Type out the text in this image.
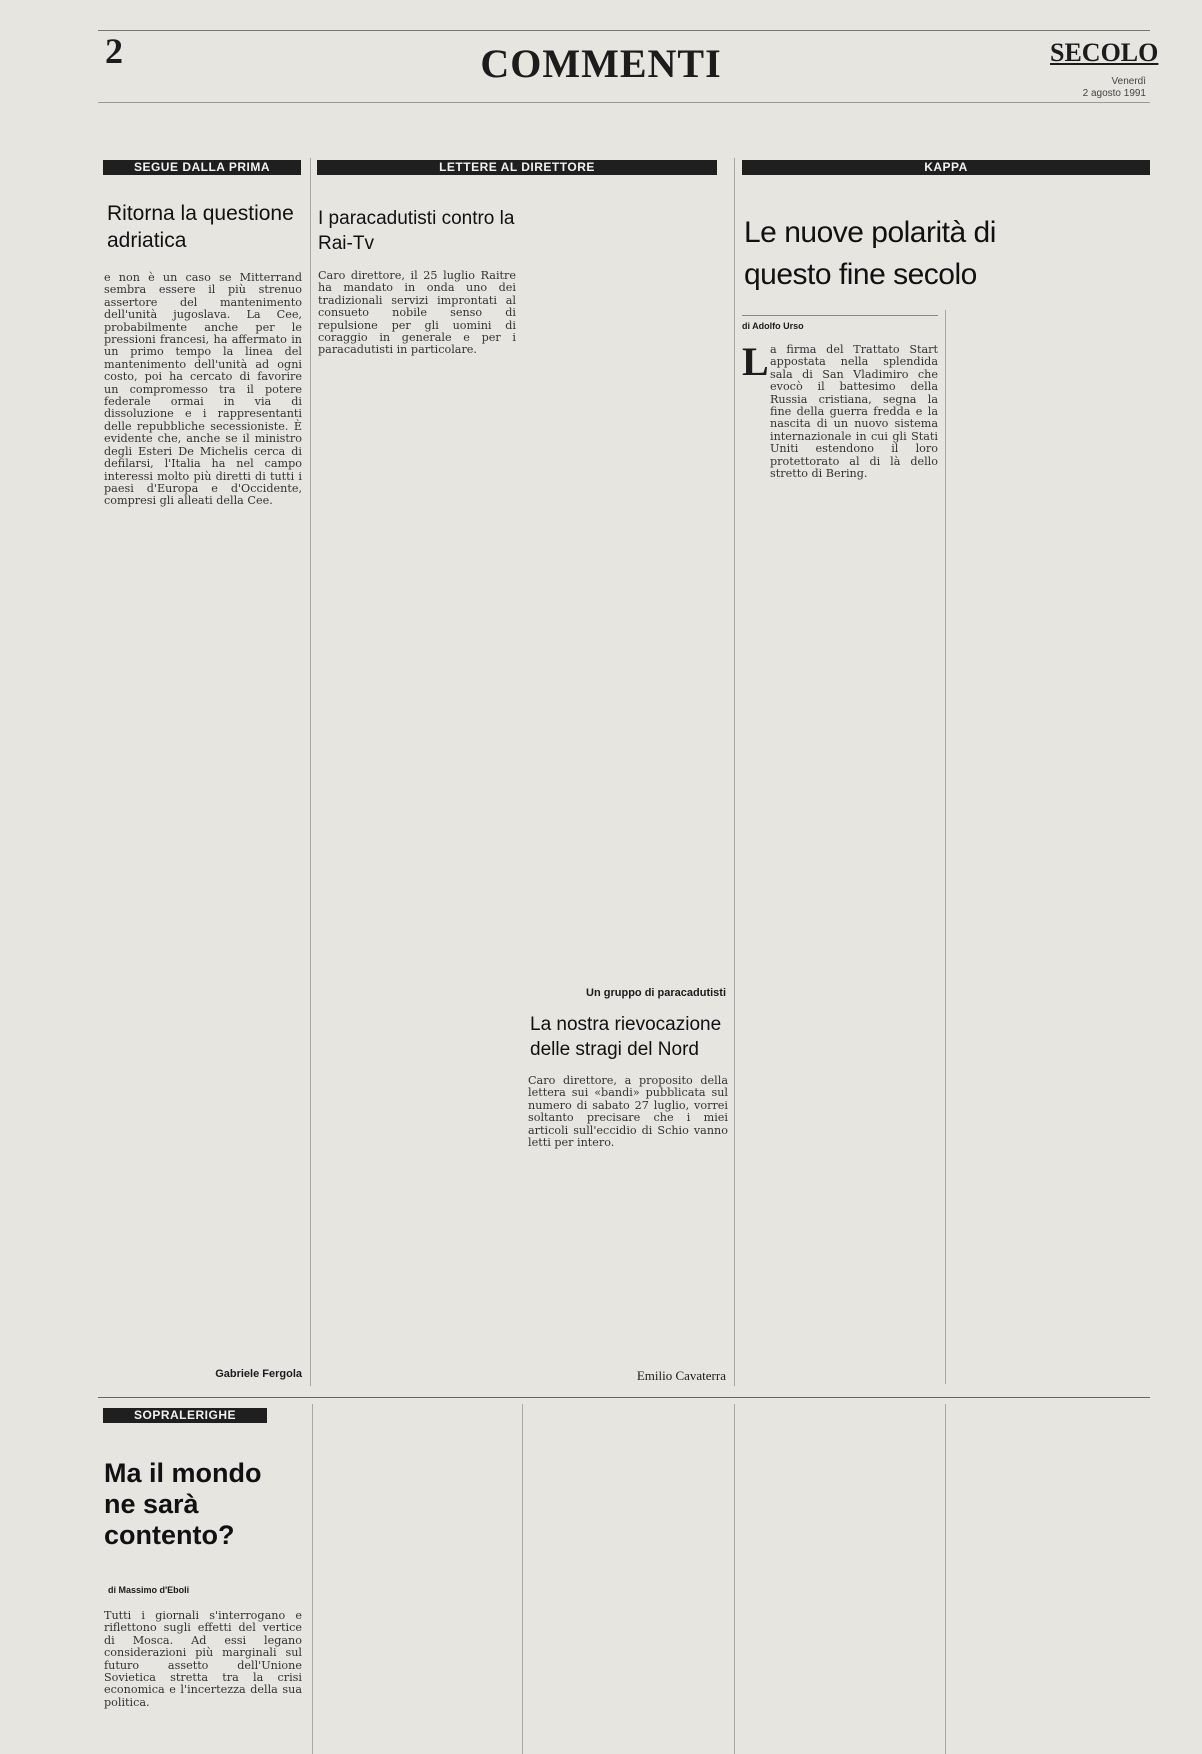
2	COMMENTI	SECOLO
Venerdì
2 agosto 1991
SEGUE DALLA PRIMA
Ritorna la questione adriatica

e non è un caso se Mitterrand sembra essere il più strenuo assertore del mantenimento dell'unità jugoslava. La Cee, probabilmente anche per le pressioni francesi, ha affermato in un primo tempo la linea del mantenimento dell'unità ad ogni costo, poi ha cercato di favorire un compromesso tra il potere federale ormai in via di dissoluzione e i rappresentanti delle repubbliche secessioniste. È evidente che, anche se il ministro degli Esteri De Michelis cerca di defilarsi, l'Italia ha nel campo interessi molto più diretti di tutti i paesi d'Europa e d'Occidente, compresi gli alleati della Cee.

Gabriele Fergola
LETTERE AL DIRETTORE
I paracadutisti contro la Rai-Tv

Caro direttore, il 25 luglio Raitre ha mandato in onda uno dei tradizionali servizi improntati al consueto nobile senso di repulsione per gli uomini di coraggio in generale e per i paracadutisti in particolare.

Un gruppo di paracadutisti
La nostra rievocazione delle stragi del Nord

Caro direttore, a proposito della lettera sui «bandi» pubblicata sul numero di sabato 27 luglio, vorrei soltanto precisare che i miei articoli sull'eccidio di Schio vanno letti per intero.

Emilio Cavaterra
KAPPA
Le nuove polarità di questo fine secolo
di Adolfo Urso
L a firma del Trattato Start appostata nella splendida sala di San Vladimiro che evocò il battesimo della Russia cristiana, segna la fine della guerra fredda e la nascita di un nuovo sistema internazionale in cui gli Stati Uniti estendono il loro protettorato al di là dello stretto di Bering.

SOPRALERIGHE
Ma il mondo ne sarà contento?
di Massimo d'Eboli

Tutti i giornali s'interrogano e riflettono sugli effetti del vertice di Mosca. Ad essi legano considerazioni più marginali sul futuro assetto dell'Unione Sovietica stretta tra la crisi economica e l'incertezza della sua politica.
